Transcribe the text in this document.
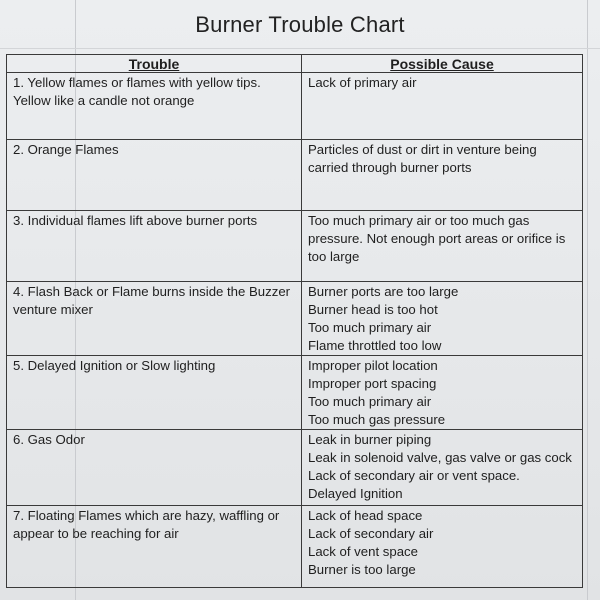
Burner Trouble Chart
Trouble	Possible Cause

1. Yellow flames or flames with yellow tips.
Yellow like a candle not orange	Lack of primary air

2. Orange Flames	Particles of dust or dirt in venture being
carried through burner ports

3. Individual flames lift above burner ports	Too much primary air or too much gas
pressure. Not enough port areas or orifice is
too large

4. Flash Back or Flame burns inside the Buzzer
venture mixer	Burner ports are too large
Burner head is too hot
Too much primary air
Flame throttled too low

5. Delayed Ignition or Slow lighting	Improper pilot location
Improper port spacing
Too much primary air
Too much gas pressure

6. Gas Odor	Leak in burner piping
Leak in solenoid valve, gas valve or gas cock
Lack of secondary air or vent space.
Delayed Ignition

7. Floating Flames which are hazy, waffling or
appear to be reaching for air	Lack of head space
Lack of secondary air
Lack of vent space
Burner is too large
